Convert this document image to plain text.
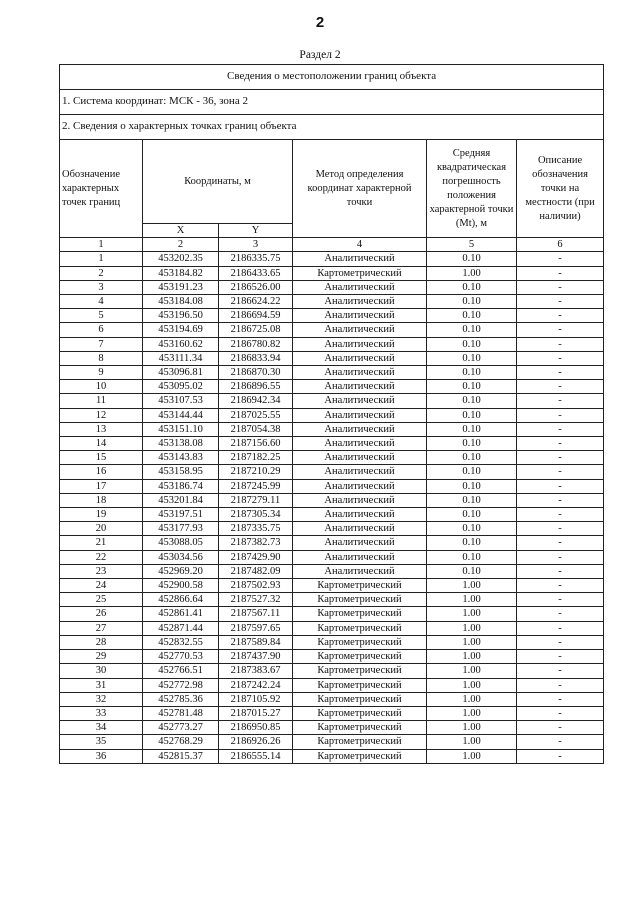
2
Раздел 2
Сведения о местоположении границ объекта					
1. Система координат: МСК - 36, зона 2					
2. Сведения о характерных точках границ объекта					
Обозначение характерных точек границ	Координаты, м		Метод определения координат характерной точки	Средняя квадратическая погрешность положения характерной точки (Mt), м	Описание обозначения точки на местности (при наличии)
	X	Y			
1	2	3	4	5	6
1	453202.35	2186335.75	Аналитический	0.10	-
2	453184.82	2186433.65	Картометрический	1.00	-
3	453191.23	2186526.00	Аналитический	0.10	-
4	453184.08	2186624.22	Аналитический	0.10	-
5	453196.50	2186694.59	Аналитический	0.10	-
6	453194.69	2186725.08	Аналитический	0.10	-
7	453160.62	2186780.82	Аналитический	0.10	-
8	453111.34	2186833.94	Аналитический	0.10	-
9	453096.81	2186870.30	Аналитический	0.10	-
10	453095.02	2186896.55	Аналитический	0.10	-
11	453107.53	2186942.34	Аналитический	0.10	-
12	453144.44	2187025.55	Аналитический	0.10	-
13	453151.10	2187054.38	Аналитический	0.10	-
14	453138.08	2187156.60	Аналитический	0.10	-
15	453143.83	2187182.25	Аналитический	0.10	-
16	453158.95	2187210.29	Аналитический	0.10	-
17	453186.74	2187245.99	Аналитический	0.10	-
18	453201.84	2187279.11	Аналитический	0.10	-
19	453197.51	2187305.34	Аналитический	0.10	-
20	453177.93	2187335.75	Аналитический	0.10	-
21	453088.05	2187382.73	Аналитический	0.10	-
22	453034.56	2187429.90	Аналитический	0.10	-
23	452969.20	2187482.09	Аналитический	0.10	-
24	452900.58	2187502.93	Картометрический	1.00	-
25	452866.64	2187527.32	Картометрический	1.00	-
26	452861.41	2187567.11	Картометрический	1.00	-
27	452871.44	2187597.65	Картометрический	1.00	-
28	452832.55	2187589.84	Картометрический	1.00	-
29	452770.53	2187437.90	Картометрический	1.00	-
30	452766.51	2187383.67	Картометрический	1.00	-
31	452772.98	2187242.24	Картометрический	1.00	-
32	452785.36	2187105.92	Картометрический	1.00	-
33	452781.48	2187015.27	Картометрический	1.00	-
34	452773.27	2186950.85	Картометрический	1.00	-
35	452768.29	2186926.26	Картометрический	1.00	-
36	452815.37	2186555.14	Картометрический	1.00	-
